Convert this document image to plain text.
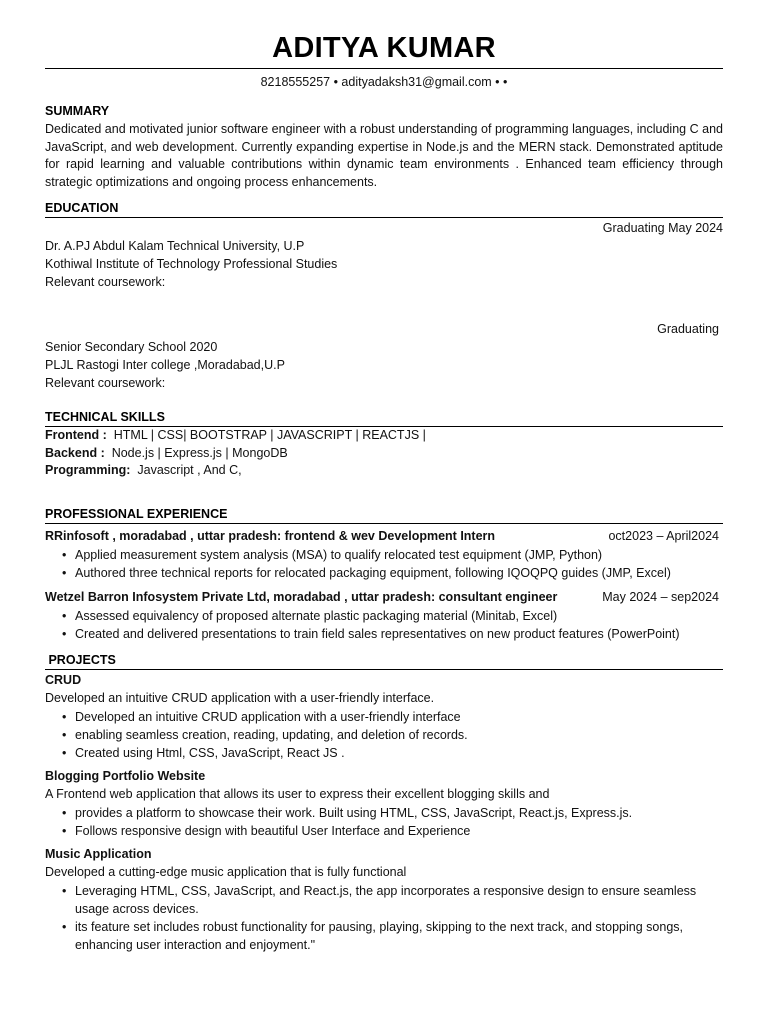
ADITYA KUMAR
8218555257 • adityadaksh31@gmail.com • •
SUMMARY
Dedicated and motivated junior software engineer with a robust understanding of programming languages, including C and JavaScript, and web development. Currently expanding expertise in Node.js and the MERN stack. Demonstrated aptitude for rapid learning and valuable contributions within dynamic team environments . Enhanced team efficiency through strategic optimizations and ongoing process enhancements.
EDUCATION
Graduating May 2024
Dr. A.PJ Abdul Kalam Technical University, U.P
Kothiwal Institute of Technology Professional Studies
Relevant coursework:
Graduating
Senior Secondary School 2020
PLJL Rastogi Inter college ,Moradabad,U.P
Relevant coursework:
TECHNICAL SKILLS
Frontend : HTML | CSS| BOOTSTRAP | JAVASCRIPT | REACTJS |
Backend : Node.js | Express.js | MongoDB
Programming: Javascript , And C,
PROFESSIONAL EXPERIENCE
RRinfosoft , moradabad , uttar pradesh: frontend & wev Development Intern	oct2023 – April2024
• Applied measurement system analysis (MSA) to qualify relocated test equipment (JMP, Python)
• Authored three technical reports for relocated packaging equipment, following IQOQPQ guides (JMP, Excel)
Wetzel Barron Infosystem Private Ltd, moradabad , uttar pradesh: consultant engineer	May 2024 – sep2024
• Assessed equivalency of proposed alternate plastic packaging material (Minitab, Excel)
• Created and delivered presentations to train field sales representatives on new product features (PowerPoint)
PROJECTS
CRUD
Developed an intuitive CRUD application with a user-friendly interface.
• Developed an intuitive CRUD application with a user-friendly interface
• enabling seamless creation, reading, updating, and deletion of records.
• Created using Html, CSS, JavaScript, React JS .
Blogging Portfolio Website
A Frontend web application that allows its user to express their excellent blogging skills and
• provides a platform to showcase their work. Built using HTML, CSS, JavaScript, React.js, Express.js.
• Follows responsive design with beautiful User Interface and Experience
Music Application
Developed a cutting-edge music application that is fully functional
• Leveraging HTML, CSS, JavaScript, and React.js, the app incorporates a responsive design to ensure seamless usage across devices.
• its feature set includes robust functionality for pausing, playing, skipping to the next track, and stopping songs, enhancing user interaction and enjoyment."
